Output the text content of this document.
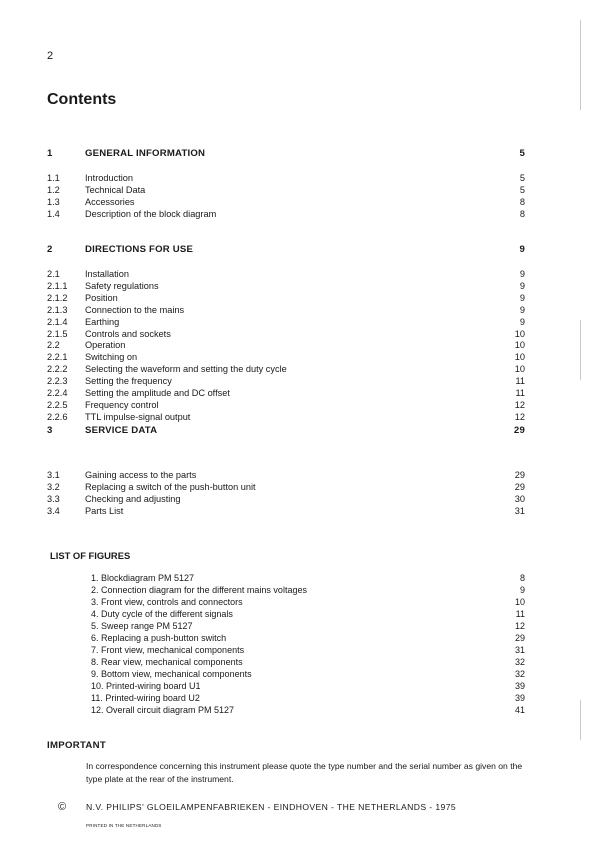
2
Contents
1	GENERAL INFORMATION	5
1.1	Introduction	5
1.2	Technical Data	5
1.3	Accessories	8
1.4	Description of the block diagram	8
2	DIRECTIONS FOR USE	9
2.1	Installation	9
2.1.1 Safety regulations	9
2.1.2 Position	9
2.1.3 Connection to the mains	9
2.1.4 Earthing	9
2.1.5 Controls and sockets	10
2.2	Operation	10
2.2.1 Switching on	10
2.2.2 Selecting the waveform and setting the duty cycle	10
2.2.3 Setting the frequency	11
2.2.4 Setting the amplitude and DC offset	11
2.2.5 Frequency control	12
2.2.6 TTL impulse-signal output	12
3	SERVICE DATA	29
3.1	Gaining access to the parts	29
3.2	Replacing a switch of the push-button unit	29
3.3	Checking and adjusting	30
3.4	Parts List	31
LIST OF FIGURES
1. Blockdiagram PM 5127	8
2. Connection diagram for the different mains voltages	9
3. Front view, controls and connectors	10
4. Duty cycle of the different signals	11
5. Sweep range PM 5127	12
6. Replacing a push-button switch	29
7. Front view, mechanical components	31
8. Rear view, mechanical components	32
9. Bottom view, mechanical components	32
10. Printed-wiring board U1	39
11. Printed-wiring board U2	39
12. Overall circuit diagram PM 5127	41
IMPORTANT
In correspondence concerning this instrument please quote the type number and the serial number as given on the type plate at the rear of the instrument.
© N.V. PHILIPS' GLOEILAMPENFABRIEKEN - EINDHOVEN - THE NETHERLANDS - 1975
PRINTED IN THE NETHERLANDS
